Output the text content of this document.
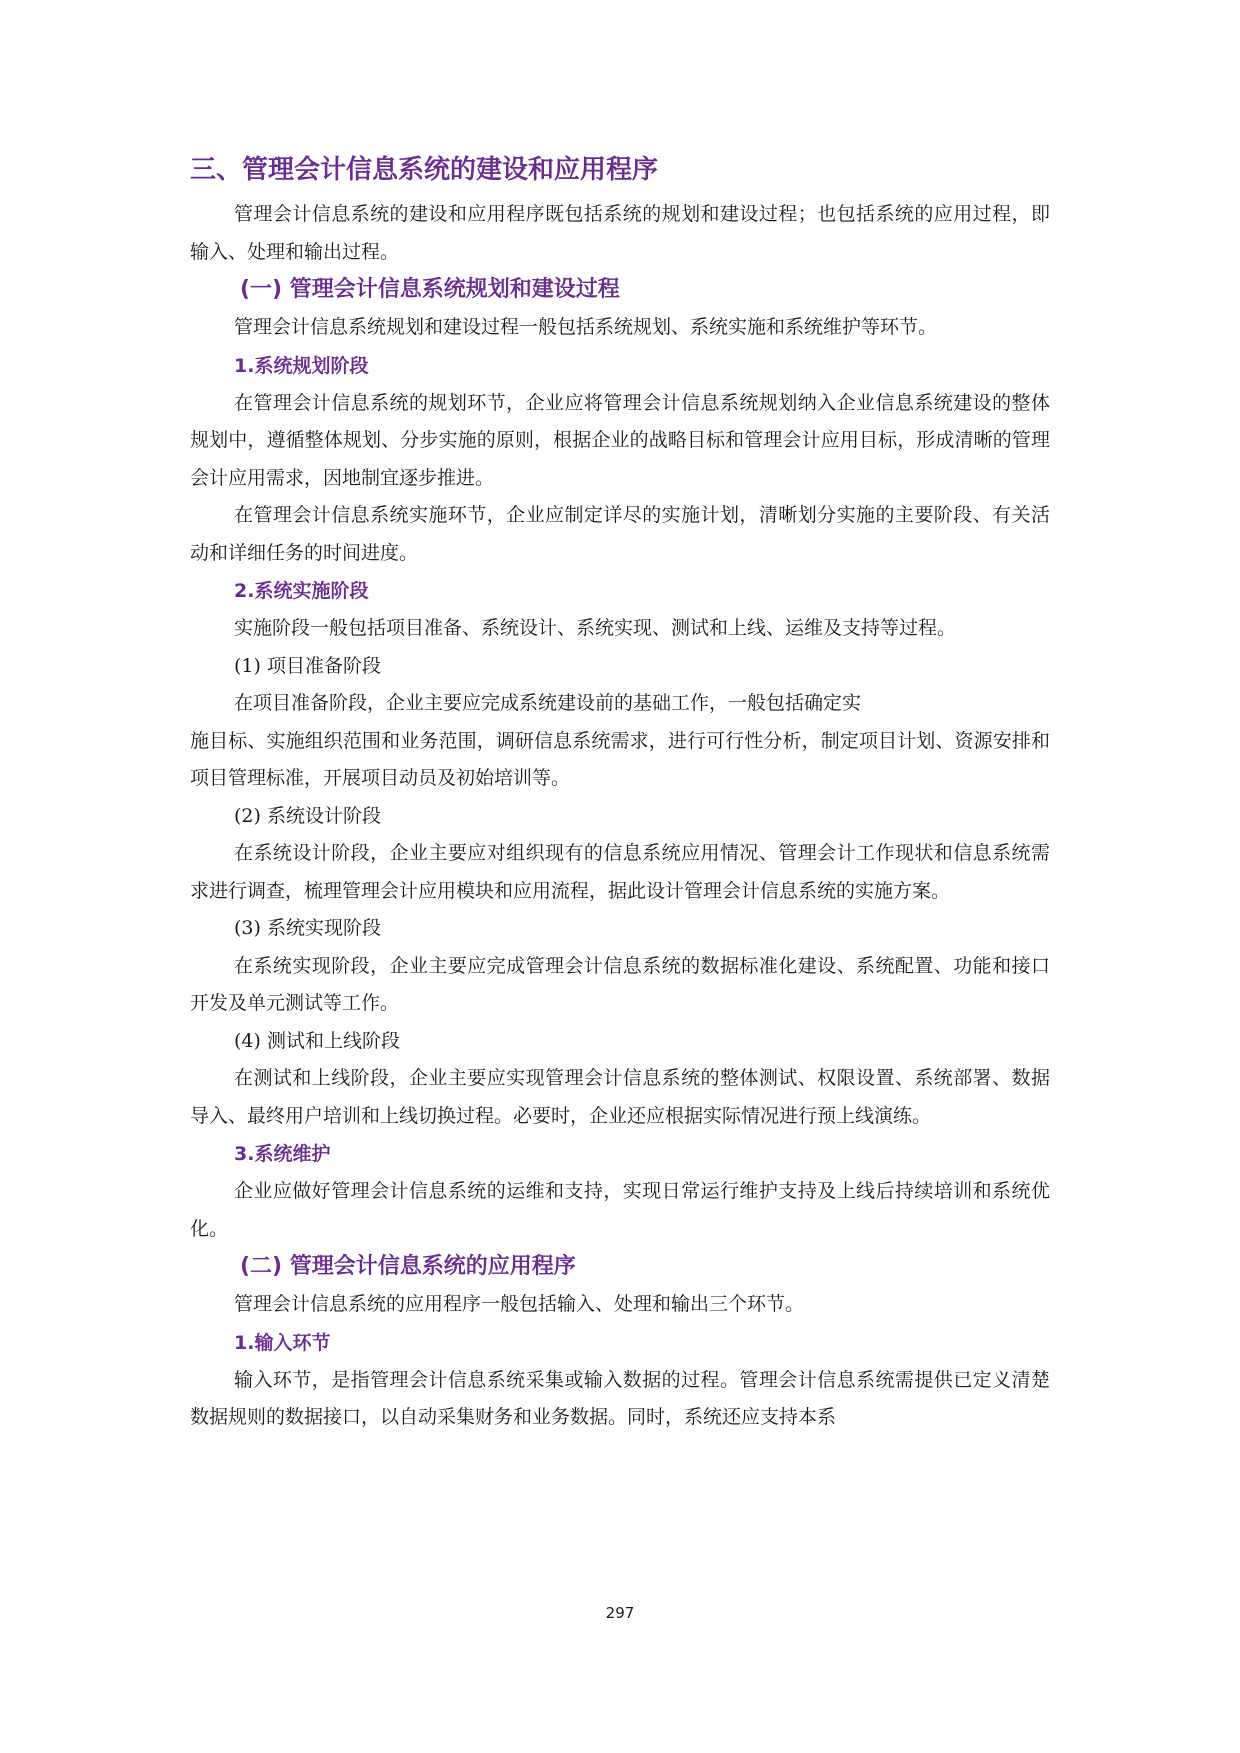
三、管理会计信息系统的建设和应用程序

管理会计信息系统的建设和应用程序既包括系统的规划和建设过程；也包括系统的应用过程，即输入、处理和输出过程。

(一) 管理会计信息系统规划和建设过程

管理会计信息系统规划和建设过程一般包括系统规划、系统实施和系统维护等环节。

1.系统规划阶段

在管理会计信息系统的规划环节，企业应将管理会计信息系统规划纳入企业信息系统建设的整体规划中，遵循整体规划、分步实施的原则，根据企业的战略目标和管理会计应用目标，形成清晰的管理会计应用需求，因地制宜逐步推进。

在管理会计信息系统实施环节，企业应制定详尽的实施计划，清晰划分实施的主要阶段、有关活动和详细任务的时间进度。

2.系统实施阶段

实施阶段一般包括项目准备、系统设计、系统实现、测试和上线、运维及支持等过程。

(1) 项目准备阶段

在项目准备阶段，企业主要应完成系统建设前的基础工作，一般包括确定实

施目标、实施组织范围和业务范围，调研信息系统需求，进行可行性分析，制定项目计划、资源安排和项目管理标准，开展项目动员及初始培训等。

(2) 系统设计阶段

在系统设计阶段，企业主要应对组织现有的信息系统应用情况、管理会计工作现状和信息系统需求进行调查，梳理管理会计应用模块和应用流程，据此设计管理会计信息系统的实施方案。

(3) 系统实现阶段

在系统实现阶段，企业主要应完成管理会计信息系统的数据标准化建设、系统配置、功能和接口开发及单元测试等工作。

(4) 测试和上线阶段

在测试和上线阶段，企业主要应实现管理会计信息系统的整体测试、权限设置、系统部署、数据导入、最终用户培训和上线切换过程。必要时，企业还应根据实际情况进行预上线演练。

3.系统维护

企业应做好管理会计信息系统的运维和支持，实现日常运行维护支持及上线后持续培训和系统优化。

(二) 管理会计信息系统的应用程序

管理会计信息系统的应用程序一般包括输入、处理和输出三个环节。

1.输入环节

输入环节，是指管理会计信息系统采集或输入数据的过程。管理会计信息系统需提供已定义清楚数据规则的数据接口，以自动采集财务和业务数据。同时，系统还应支持本系

297
